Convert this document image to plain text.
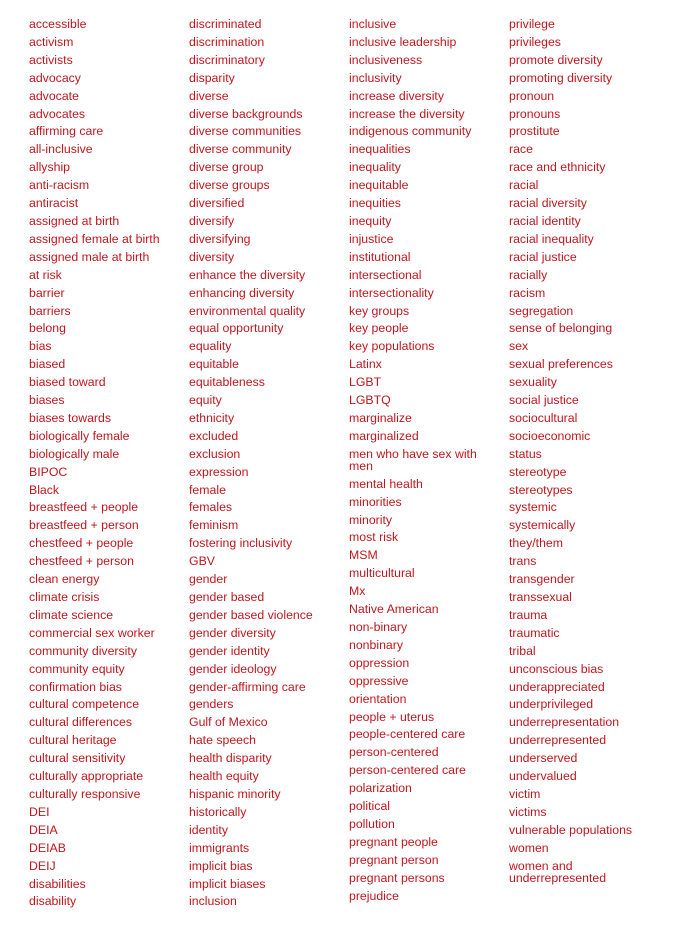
accessible
activism
activists
advocacy
advocate
advocates
affirming care
all-inclusive
allyship
anti-racism
antiracist
assigned at birth
assigned female at birth
assigned male at birth
at risk
barrier
barriers
belong
bias
biased
biased toward
biases
biases towards
biologically female
biologically male
BIPOC
Black
breastfeed + people
breastfeed + person
chestfeed + people
chestfeed + person
clean energy
climate crisis
climate science
commercial sex worker
community diversity
community equity
confirmation bias
cultural competence
cultural differences
cultural heritage
cultural sensitivity
culturally appropriate
culturally responsive
DEI
DEIA
DEIAB
DEIJ
disabilities
disability
discriminated
discrimination
discriminatory
disparity
diverse
diverse backgrounds
diverse communities
diverse community
diverse group
diverse groups
diversified
diversify
diversifying
diversity
enhance the diversity
enhancing diversity
environmental quality
equal opportunity
equality
equitable
equitableness
equity
ethnicity
excluded
exclusion
expression
female
females
feminism
fostering inclusivity
GBV
gender
gender based
gender based violence
gender diversity
gender identity
gender ideology
gender-affirming care
genders
Gulf of Mexico
hate speech
health disparity
health equity
hispanic minority
historically
identity
immigrants
implicit bias
implicit biases
inclusion
inclusive
inclusive leadership
inclusiveness
inclusivity
increase diversity
increase the diversity
indigenous community
inequalities
inequality
inequitable
inequities
inequity
injustice
institutional
intersectional
intersectionality
key groups
key people
key populations
Latinx
LGBT
LGBTQ
marginalize
marginalized
men who have sex with men
mental health
minorities
minority
most risk
MSM
multicultural
Mx
Native American
non-binary
nonbinary
oppression
oppressive
orientation
people + uterus
people-centered care
person-centered
person-centered care
polarization
political
pollution
pregnant people
pregnant person
pregnant persons
prejudice
privilege
privileges
promote diversity
promoting diversity
pronoun
pronouns
prostitute
race
race and ethnicity
racial
racial diversity
racial identity
racial inequality
racial justice
racially
racism
segregation
sense of belonging
sex
sexual preferences
sexuality
social justice
sociocultural
socioeconomic
status
stereotype
stereotypes
systemic
systemically
they/them
trans
transgender
transsexual
trauma
traumatic
tribal
unconscious bias
underappreciated
underprivileged
underrepresentation
underrepresented
underserved
undervalued
victim
victims
vulnerable populations
women
women and underrepresented
